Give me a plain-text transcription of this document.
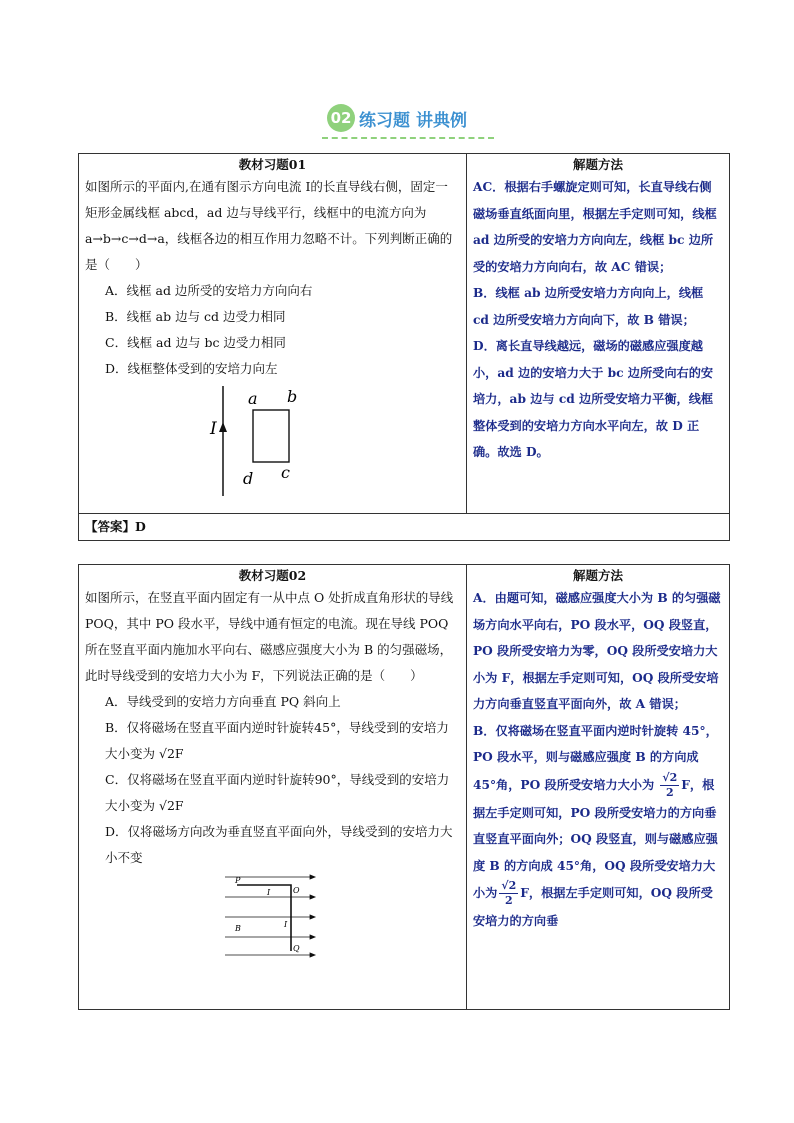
02 练习题 讲典例
教材习题01
如图所示的平面内,在通有图示方向电流 I的长直导线右侧，固定一矩形金属线框 abcd，ad 边与导线平行，线框中的电流方向为 a→b→c→d→a，线框各边的相互作用力忽略不计。下列判断正确的是（　　）
A．线框 ad 边所受的安培力方向向右
B．线框 ab 边与 cd 边受力相同
C．线框 ad 边与 bc 边受力相同
D．线框整体受到的安培力向左
I
a b
c
d

解题方法
AC．根据右手螺旋定则可知，长直导线右侧磁场垂直纸面向里，根据左手定则可知，线框 ad 边所受的安培力方向向左，线框 bc 边所受的安培力方向向右，故 AC 错误；
B．线框 ab 边所受安培力方向向上，线框 cd 边所受安培力方向向下，故 B 错误；
D．离长直导线越远，磁场的磁感应强度越小，ad 边的安培力大于 bc 边所受向右的安培力，ab 边与 cd 边所受安培力平衡，线框整体受到的安培力方向水平向左，故 D 正确。故选 D。

【答案】D
教材习题02
如图所示，在竖直平面内固定有一从中点 O 处折成直角形状的导线 POQ，其中 PO 段水平，导线中通有恒定的电流。现在导线 POQ 所在竖直平面内施加水平向右、磁感应强度大小为 B 的匀强磁场，此时导线受到的安培力大小为 F，下列说法正确的是（　　）
A．导线受到的安培力方向垂直 PQ 斜向上
B．仅将磁场在竖直平面内逆时针旋转45°，导线受到的安培力大小变为 √2F
C．仅将磁场在竖直平面内逆时针旋转90°，导线受到的安培力大小变为 √2F
D．仅将磁场方向改为垂直竖直平面向外，导线受到的安培力大小不变
P
O
Q
B
I
I

解题方法
A．由题可知，磁感应强度大小为 B 的匀强磁场方向水平向右，PO 段水平，OQ 段竖直，PO 段所受安培力为零，OQ 段所受安培力大小为 F，根据左手定则可知，OQ 段所受安培力方向垂直竖直平面向外，故 A 错误；
B．仅将磁场在竖直平面内逆时针旋转 45°，PO 段水平，则与磁感应强度 B 的方向成 45°角，PO 段所受安培力大小为 $\frac{√2}{2}$ F，根据左手定则可知，PO 段所受安培力的方向垂直竖直平面向外；OQ 段竖直，则与磁感应强度 B 的方向成 45°角，OQ 段所受安培力大小为 $\frac{√2}{2}$ F，根据左手定则可知，OQ 段所受安培力的方向垂
